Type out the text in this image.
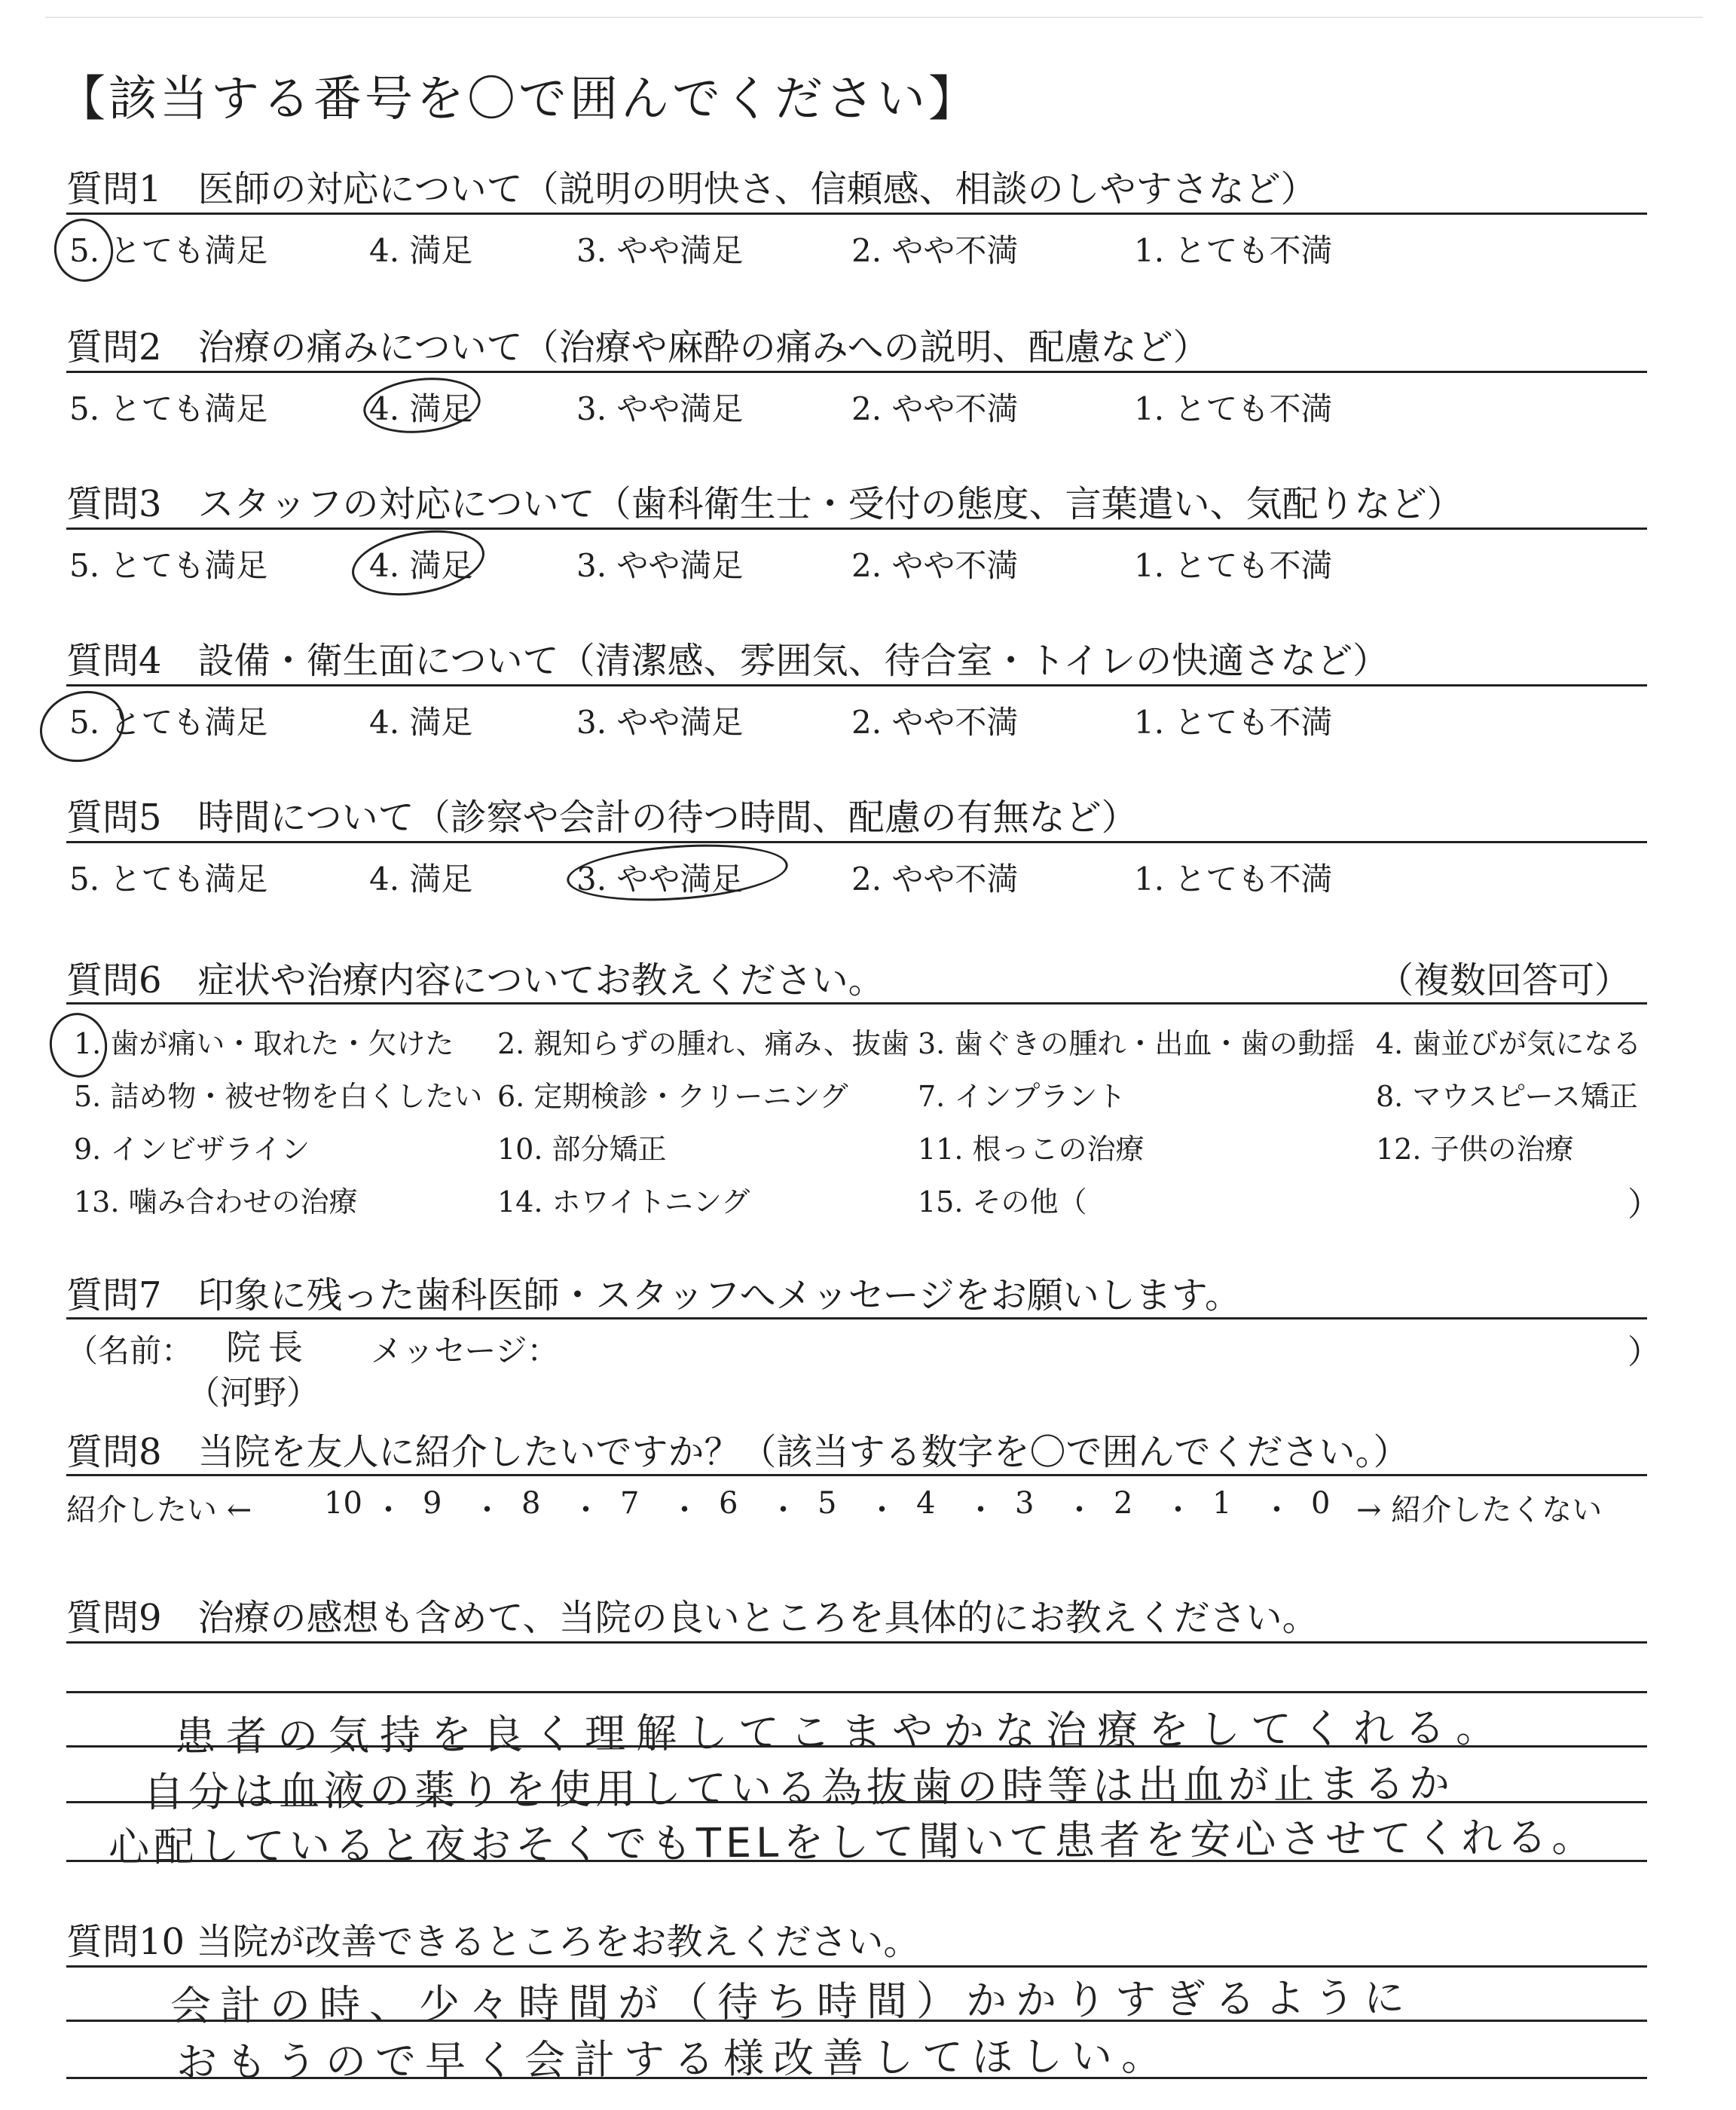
【該当する番号を〇で囲んでください】
質問1　医師の対応について（説明の明快さ、信頼感、相談のしやすさなど）
5. とても満足	4. 満足	3. やや満足	2. やや不満	1. とても不満
質問2　治療の痛みについて（治療や麻酔の痛みへの説明、配慮など）
5. とても満足	4. 満足	3. やや満足	2. やや不満	1. とても不満
質問3　スタッフの対応について（歯科衛生士・受付の態度、言葉遣い、気配りなど）
5. とても満足	4. 満足	3. やや満足	2. やや不満	1. とても不満
質問4　設備・衛生面について（清潔感、雰囲気、待合室・トイレの快適さなど）
5. とても満足	4. 満足	3. やや満足	2. やや不満	1. とても不満
質問5　時間について（診察や会計の待つ時間、配慮の有無など）
5. とても満足	4. 満足	3. やや満足	2. やや不満	1. とても不満
質問6　症状や治療内容についてお教えください。	（複数回答可）
1. 歯が痛い・取れた・欠けた 2. 親知らずの腫れ、痛み、抜歯 3. 歯ぐきの腫れ・出血・歯の動揺 4. 歯並びが気になる
5. 詰め物・被せ物を白くしたい 6. 定期検診・クリーニング 7. インプラント	8. マウスピース矯正
9. インビザライン	10. 部分矯正	11. 根っこの治療	12. 子供の治療
13. 噛み合わせの治療	14. ホワイトニング	15. その他（	）
質問7　印象に残った歯科医師・スタッフへメッセージをお願いします。
（名前： 院長
（河野）
メッセージ：	）
質問8　当院を友人に紹介したいですか？（該当する数字を〇で囲んでください。）
紹介したい ← 10 ・ 9 ・ 8 ・ 7 ・ 6 ・ 5 ・ 4 ・ 3 ・ 2 ・ 1 ・ 0 → 紹介したくない
質問9　治療の感想も含めて、当院の良いところを具体的にお教えください。
患者の気持を良く理解してこまやかな治療をしてくれる。
自分は血液の薬りを使用している為抜歯の時等は出血が止まるか
心配していると夜おそくでもTELをして聞いて患者を安心させてくれる。
質問10 当院が改善できるところをお教えください。
会計の時、少々時間が（待ち時間）かかりすぎるように
おもうので早く会計する様改善してほしい。
